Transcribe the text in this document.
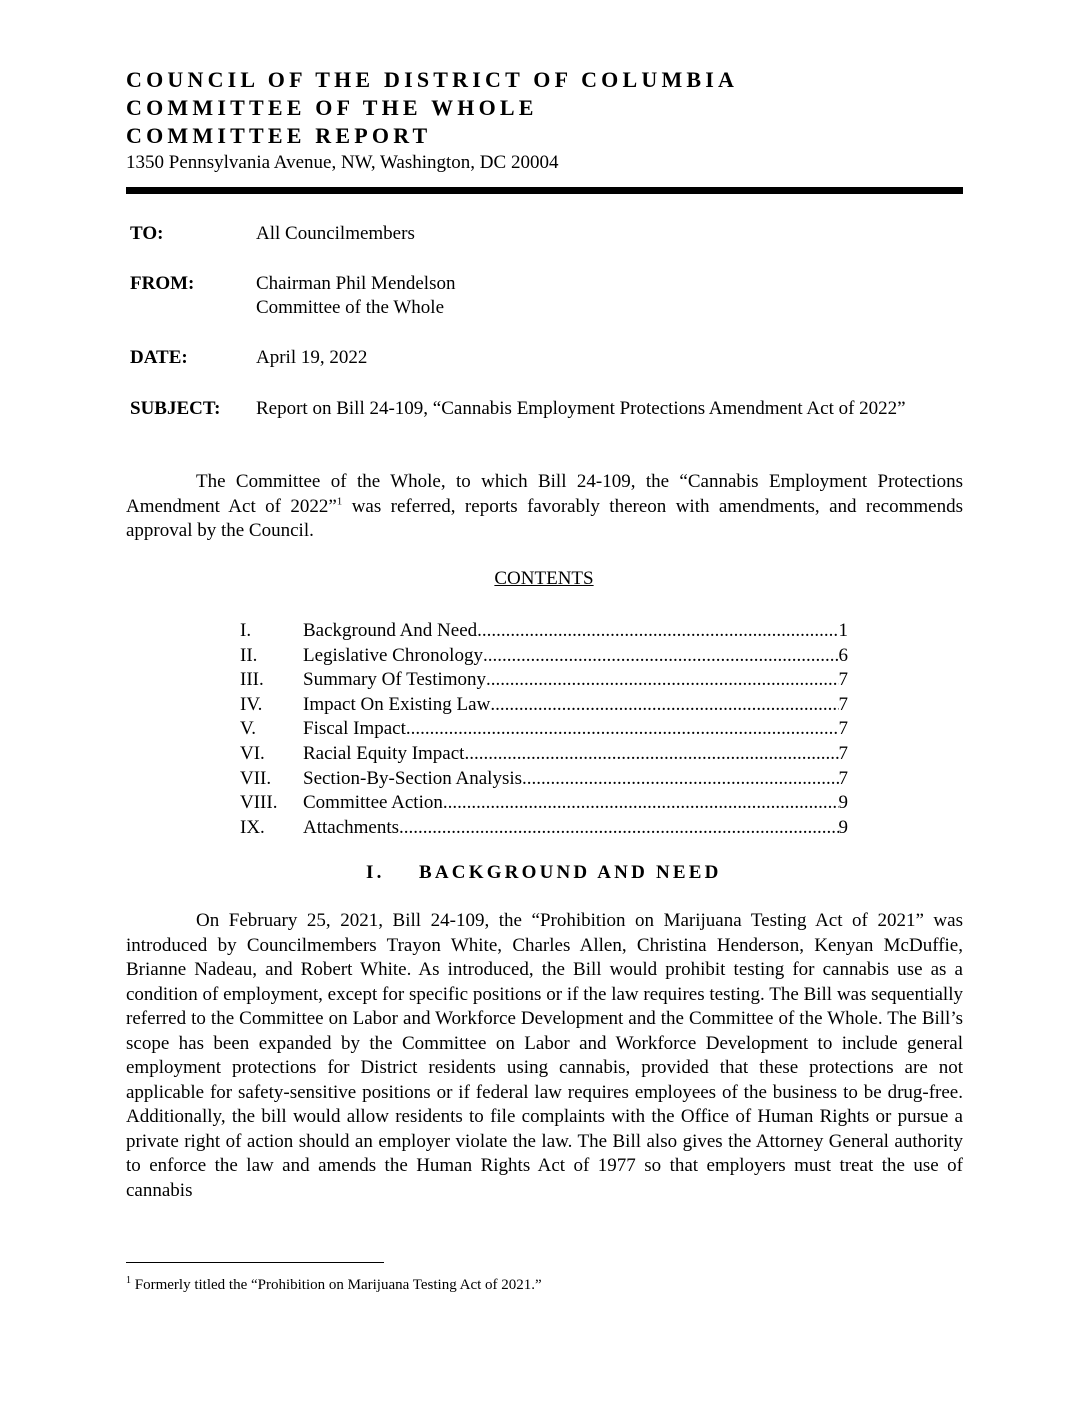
COUNCIL OF THE DISTRICT OF COLUMBIA
COMMITTEE OF THE WHOLE
COMMITTEE REPORT
1350 Pennsylvania Avenue, NW, Washington, DC 20004
TO:	All Councilmembers
FROM:	Chairman Phil Mendelson
Committee of the Whole
DATE:	April 19, 2022
SUBJECT: Report on Bill 24-109, “Cannabis Employment Protections Amendment Act of 2022”
The Committee of the Whole, to which Bill 24-109, the “Cannabis Employment Protections Amendment Act of 2022”$^1$ was referred, reports favorably thereon with amendments, and recommends approval by the Council.
CONTENTS
I.	Background And Need .....	1
II.	Legislative Chronology .....	6
III.	Summary Of Testimony .....	7
IV.	Impact On Existing Law .....	7
V.	Fiscal Impact .....	7
VI.	Racial Equity Impact .....	7
VII.	Section-By-Section Analysis .....	7
VIII.	Committee Action .....	9
IX.	Attachments .....	9
I. BACKGROUND AND NEED
On February 25, 2021, Bill 24-109, the “Prohibition on Marijuana Testing Act of 2021” was introduced by Councilmembers Trayon White, Charles Allen, Christina Henderson, Kenyan McDuffie, Brianne Nadeau, and Robert White. As introduced, the Bill would prohibit testing for cannabis use as a condition of employment, except for specific positions or if the law requires testing. The Bill was sequentially referred to the Committee on Labor and Workforce Development and the Committee of the Whole. The Bill’s scope has been expanded by the Committee on Labor and Workforce Development to include general employment protections for District residents using cannabis, provided that these protections are not applicable for safety-sensitive positions or if federal law requires employees of the business to be drug-free. Additionally, the bill would allow residents to file complaints with the Office of Human Rights or pursue a private right of action should an employer violate the law. The Bill also gives the Attorney General authority to enforce the law and amends the Human Rights Act of 1977 so that employers must treat the use of cannabis
$^1$ Formerly titled the “Prohibition on Marijuana Testing Act of 2021.”
